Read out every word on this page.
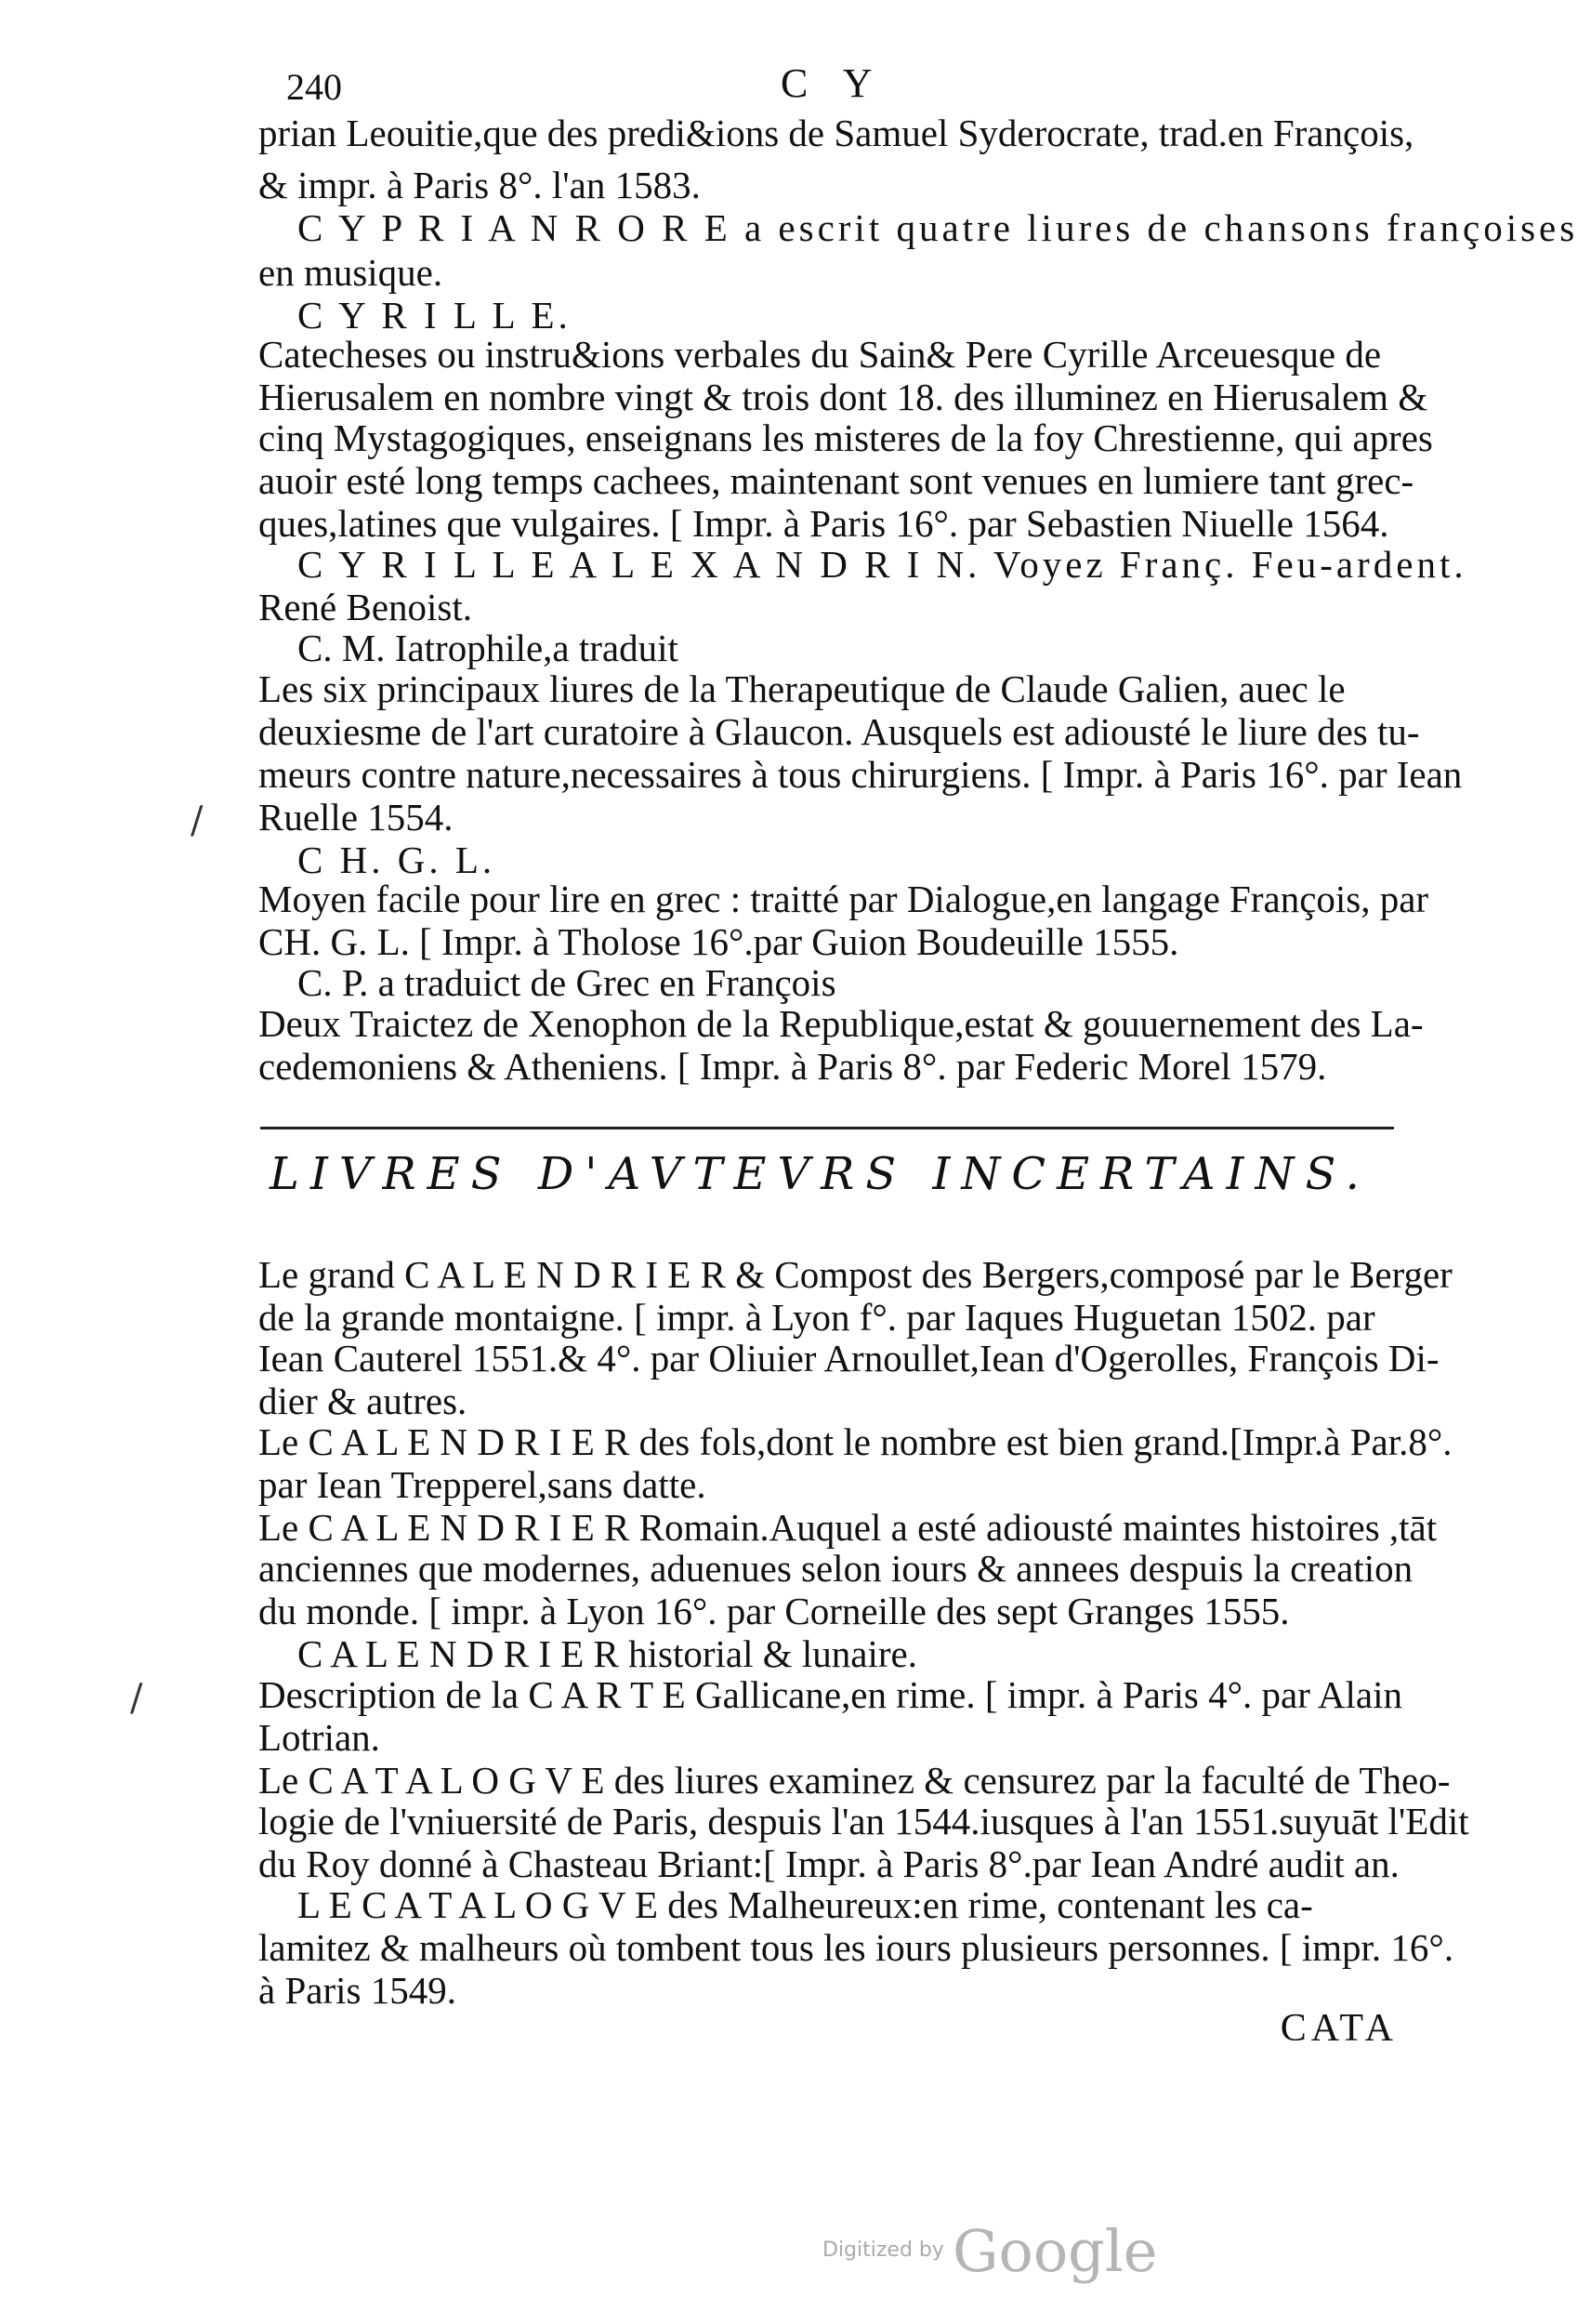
240	C Y
prian Leouitie,que des predi&ions de Samuel Syderocrate, trad.en François,
& impr. à Paris 8°. l'an 1583.
C Y P R I A N R O R E a escrit quatre liures de chansons françoises
en musique.
C Y R I L L E.
Catecheses ou instru&ions verbales du Sain& Pere Cyrille Arceuesque de
Hierusalem en nombre vingt & trois dont 18. des illuminez en Hierusalem &
cinq Mystagogiques, enseignans les misteres de la foy Chrestienne, qui apres
auoir esté long temps cachees, maintenant sont venues en lumiere tant grec-
ques,latines que vulgaires. [ Impr. à Paris 16°. par Sebastien Niuelle 1564.
C Y R I L L E A L E X A N D R I N. Voyez Franç. Feu-ardent.
René Benoist.
C. M. Iatrophile,a traduit
Les six principaux liures de la Therapeutique de Claude Galien, auec le
deuxiesme de l'art curatoire à Glaucon. Ausquels est adiousté le liure des tu-
meurs contre nature,necessaires à tous chirurgiens. [ Impr. à Paris 16°. par Iean
Ruelle 1554.
C H. G. L.
Moyen facile pour lire en grec : traitté par Dialogue,en langage François, par
CH. G. L. [ Impr. à Tholose 16°.par Guion Boudeuille 1555.
C. P. a traduict de Grec en François
Deux Traictez de Xenophon de la Republique,estat & gouuernement des La-
cedemoniens & Atheniens. [ Impr. à Paris 8°. par Federic Morel 1579.
LIVRES D'AVTEVRS INCERTAINS.
Le grand C A L E N D R I E R & Compost des Bergers,composé par le Berger
de la grande montaigne. [ impr. à Lyon f°. par Iaques Huguetan 1502. par
Iean Cauterel 1551.& 4°. par Oliuier Arnoullet,Iean d'Ogerolles, François Di-
dier & autres.
Le C A L E N D R I E R des fols,dont le nombre est bien grand.[Impr.à Par.8°.
par Iean Trepperel,sans datte.
Le C A L E N D R I E R Romain.Auquel a esté adiousté maintes histoires ,tāt
anciennes que modernes, aduenues selon iours & annees despuis la creation
du monde. [ impr. à Lyon 16°. par Corneille des sept Granges 1555.
C A L E N D R I E R historial & lunaire.
Description de la C A R T E Gallicane,en rime. [ impr. à Paris 4°. par Alain
Lotrian.
Le C A T A L O G V E des liures examinez & censurez par la faculté de Theo-
logie de l'vniuersité de Paris, despuis l'an 1544.iusques à l'an 1551.suyuāt l'Edit
du Roy donné à Chasteau Briant:[ Impr. à Paris 8°.par Iean André audit an.
L E C A T A L O G V E des Malheureux:en rime, contenant les ca-
lamitez & malheurs où tombent tous les iours plusieurs personnes. [ impr. 16°.
à Paris 1549.
CATA
/
/
Digitized by Google
